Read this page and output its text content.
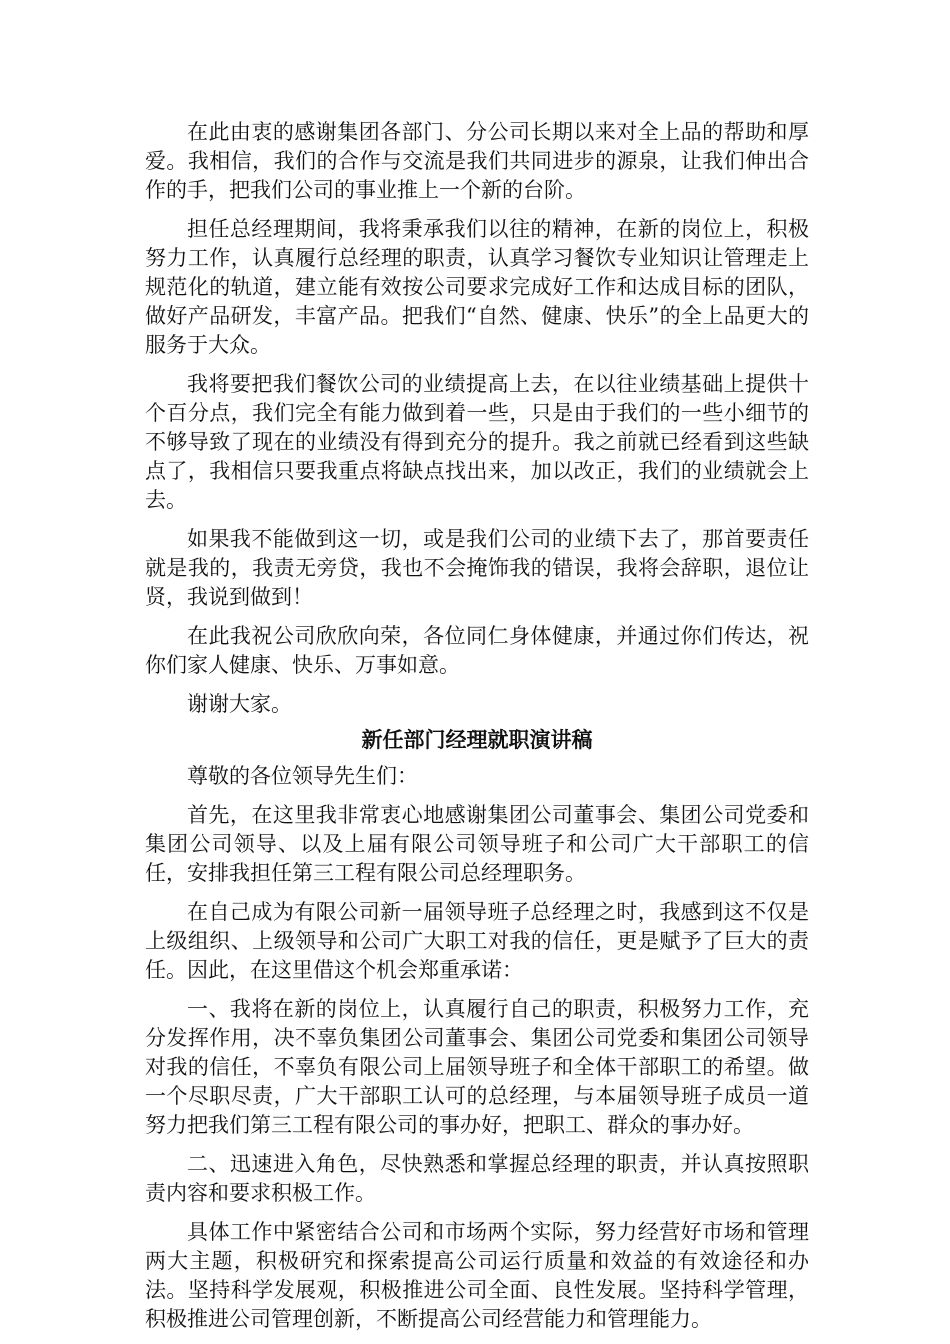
在此由衷的感谢集团各部门、分公司长期以来对全上品的帮助和厚爱。我相信，我们的合作与交流是我们共同进步的源泉，让我们伸出合作的手，把我们公司的事业推上一个新的台阶。

担任总经理期间，我将秉承我们以往的精神，在新的岗位上，积极努力工作，认真履行总经理的职责，认真学习餐饮专业知识让管理走上规范化的轨道，建立能有效按公司要求完成好工作和达成目标的团队，做好产品研发，丰富产品。把我们“自然、健康、快乐”的全上品更大的服务于大众。

我将要把我们餐饮公司的业绩提高上去，在以往业绩基础上提供十个百分点，我们完全有能力做到着一些，只是由于我们的一些小细节的不够导致了现在的业绩没有得到充分的提升。我之前就已经看到这些缺点了，我相信只要我重点将缺点找出来，加以改正，我们的业绩就会上去。

如果我不能做到这一切，或是我们公司的业绩下去了，那首要责任就是我的，我责无旁贷，我也不会掩饰我的错误，我将会辞职，退位让贤，我说到做到！

在此我祝公司欣欣向荣，各位同仁身体健康，并通过你们传达，祝你们家人健康、快乐、万事如意。

谢谢大家。

新任部门经理就职演讲稿

尊敬的各位领导先生们：

首先，在这里我非常衷心地感谢集团公司董事会、集团公司党委和集团公司领导、以及上届有限公司领导班子和公司广大干部职工的信任，安排我担任第三工程有限公司总经理职务。

在自己成为有限公司新一届领导班子总经理之时，我感到这不仅是上级组织、上级领导和公司广大职工对我的信任，更是赋予了巨大的责任。因此，在这里借这个机会郑重承诺：

一、我将在新的岗位上，认真履行自己的职责，积极努力工作，充分发挥作用，决不辜负集团公司董事会、集团公司党委和集团公司领导对我的信任，不辜负有限公司上届领导班子和全体干部职工的希望。做一个尽职尽责，广大干部职工认可的总经理，与本届领导班子成员一道努力把我们第三工程有限公司的事办好，把职工、群众的事办好。

二、迅速进入角色，尽快熟悉和掌握总经理的职责，并认真按照职责内容和要求积极工作。

具体工作中紧密结合公司和市场两个实际，努力经营好市场和管理两大主题，积极研究和探索提高公司运行质量和效益的有效途径和办法。坚持科学发展观，积极推进公司全面、良性发展。坚持科学管理，积极推进公司管理创新，不断提高公司经营能力和管理能力。
